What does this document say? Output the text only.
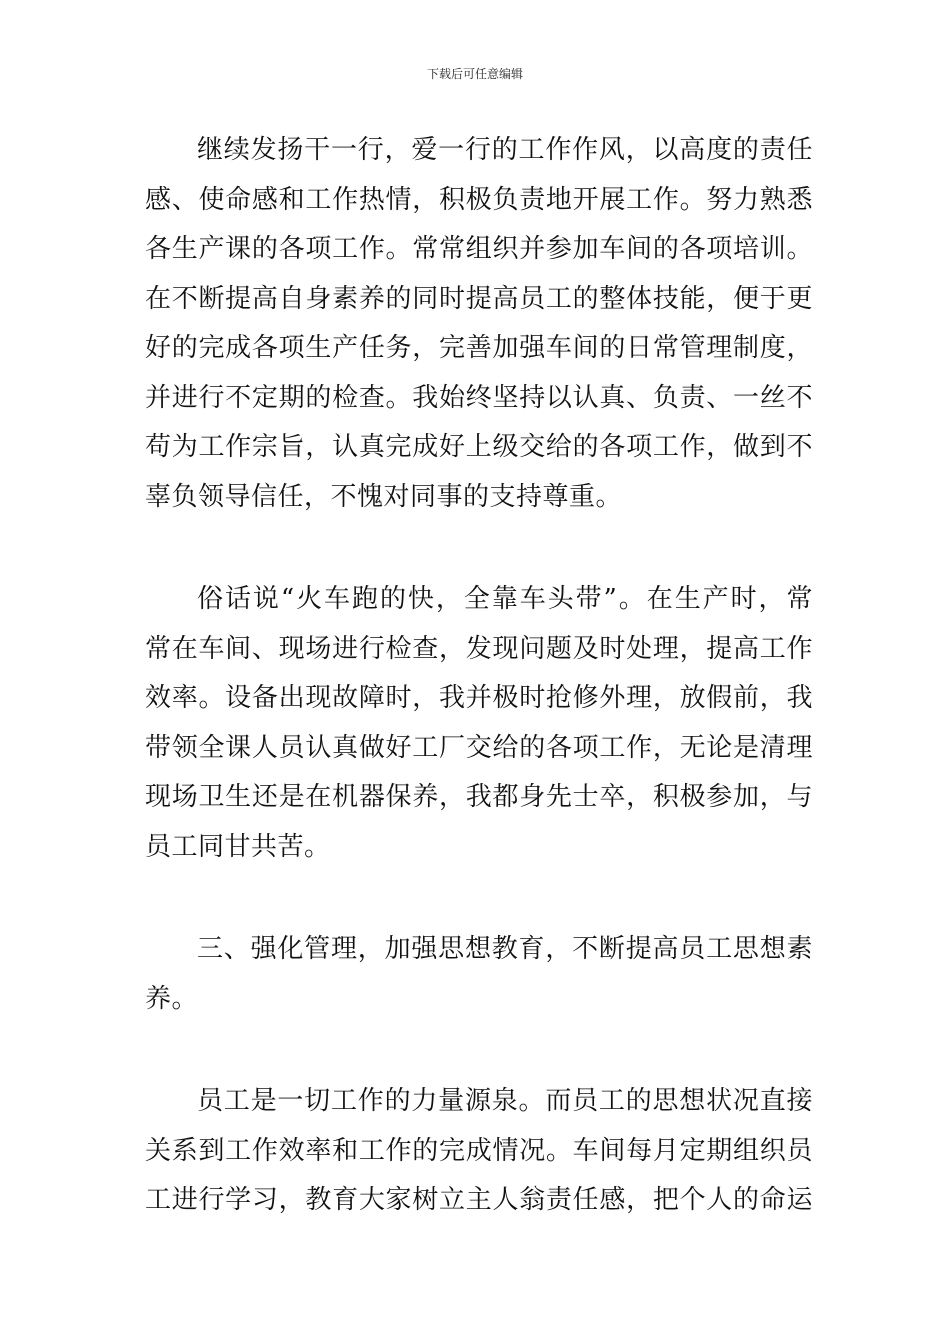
下载后可任意编辑
继续发扬干一行，爱一行的工作作风，以高度的责任
感、使命感和工作热情，积极负责地开展工作。努力熟悉
各生产课的各项工作。常常组织并参加车间的各项培训。
在不断提高自身素养的同时提高员工的整体技能，便于更
好的完成各项生产任务，完善加强车间的日常管理制度，
并进行不定期的检查。我始终坚持以认真、负责、一丝不
苟为工作宗旨，认真完成好上级交给的各项工作，做到不
辜负领导信任，不愧对同事的支持尊重。
俗话说“火车跑的快，全靠车头带”。在生产时，常
常在车间、现场进行检查，发现问题及时处理，提高工作
效率。设备出现故障时，我并极时抢修外理，放假前，我
带领全课人员认真做好工厂交给的各项工作，无论是清理
现场卫生还是在机器保养，我都身先士卒，积极参加，与
员工同甘共苦。
三、强化管理，加强思想教育，不断提高员工思想素
养。
员工是一切工作的力量源泉。而员工的思想状况直接
关系到工作效率和工作的完成情况。车间每月定期组织员
工进行学习，教育大家树立主人翁责任感，把个人的命运
